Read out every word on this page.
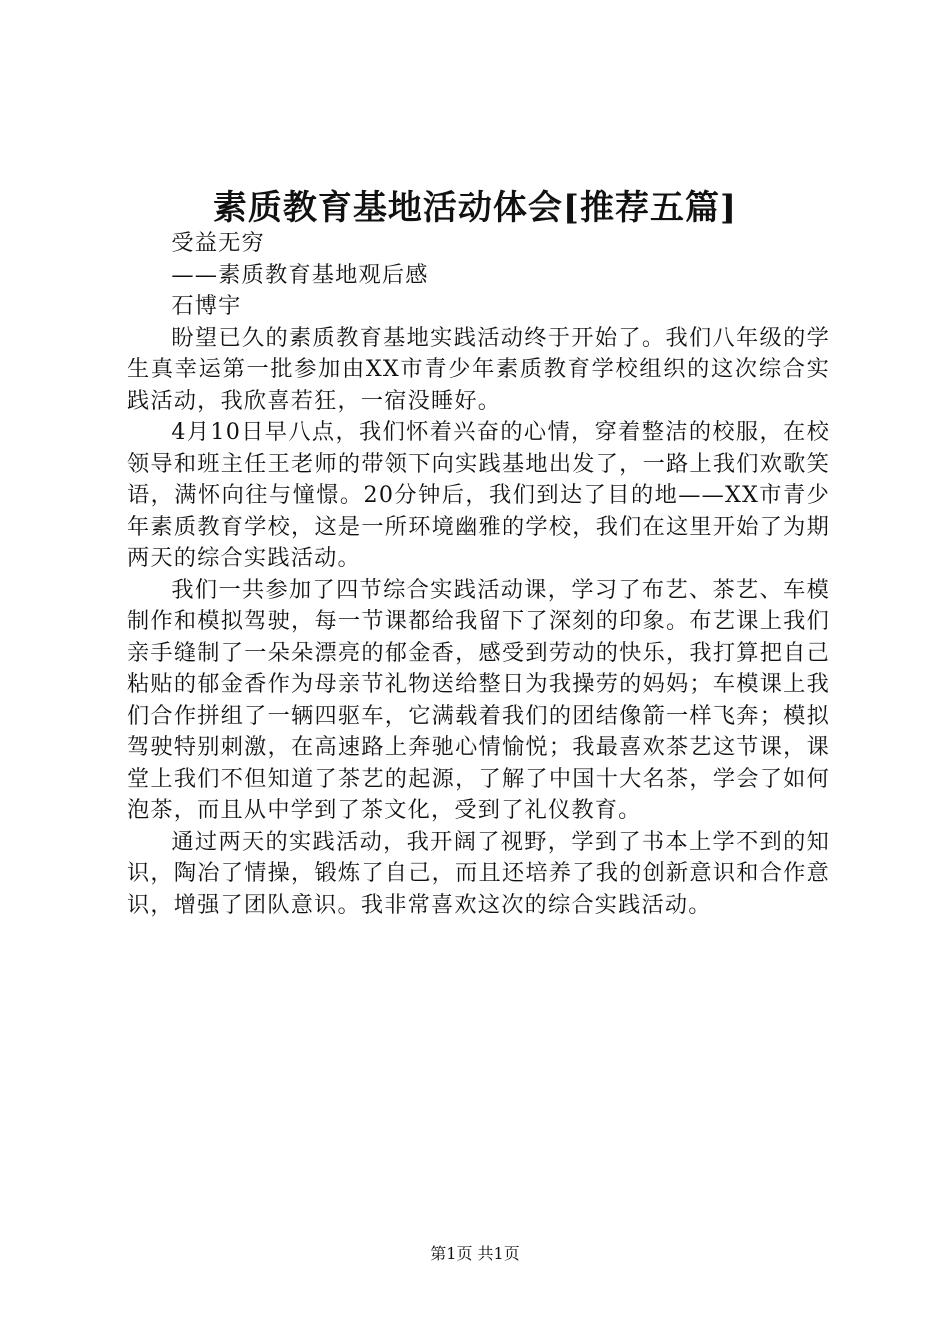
素质教育基地活动体会[推荐五篇]

受益无穷

——素质教育基地观后感

石博宇

盼望已久的素质教育基地实践活动终于开始了。我们八年级的学生真幸运第一批参加由XX市青少年素质教育学校组织的这次综合实践活动，我欣喜若狂，一宿没睡好。

4月10日早八点，我们怀着兴奋的心情，穿着整洁的校服，在校领导和班主任王老师的带领下向实践基地出发了，一路上我们欢歌笑语，满怀向往与憧憬。20分钟后，我们到达了目的地——XX市青少年素质教育学校，这是一所环境幽雅的学校，我们在这里开始了为期两天的综合实践活动。

我们一共参加了四节综合实践活动课，学习了布艺、茶艺、车模制作和模拟驾驶，每一节课都给我留下了深刻的印象。布艺课上我们亲手缝制了一朵朵漂亮的郁金香，感受到劳动的快乐，我打算把自己粘贴的郁金香作为母亲节礼物送给整日为我操劳的妈妈；车模课上我们合作拼组了一辆四驱车，它满载着我们的团结像箭一样飞奔；模拟驾驶特别刺激，在高速路上奔驰心情愉悦；我最喜欢茶艺这节课，课堂上我们不但知道了茶艺的起源，了解了中国十大名茶，学会了如何泡茶，而且从中学到了茶文化，受到了礼仪教育。

通过两天的实践活动，我开阔了视野，学到了书本上学不到的知识，陶冶了情操，锻炼了自己，而且还培养了我的创新意识和合作意识，增强了团队意识。我非常喜欢这次的综合实践活动。

第1页 共1页
